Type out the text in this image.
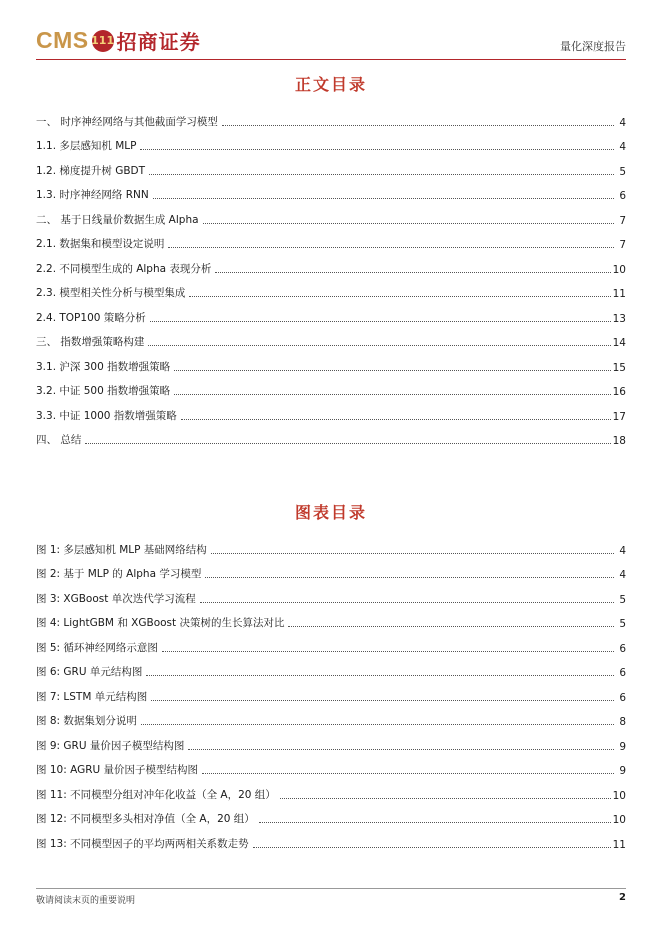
CMS 111 招商证券	量化深度报告
正文目录
一、 时序神经网络与其他截面学习模型	4
1.1. 多层感知机 MLP	4
1.2. 梯度提升树 GBDT	5
1.3. 时序神经网络 RNN	6
二、 基于日线量价数据生成 Alpha	7
2.1. 数据集和模型设定说明	7
2.2. 不同模型生成的 Alpha 表现分析	10
2.3. 模型相关性分析与模型集成	11
2.4. TOP100 策略分析	13
三、 指数增强策略构建	14
3.1. 沪深 300 指数增强策略	15
3.2. 中证 500 指数增强策略	16
3.3. 中证 1000 指数增强策略	17
四、 总结	18
图表目录
图 1: 多层感知机 MLP 基础网络结构	4
图 2: 基于 MLP 的 Alpha 学习模型	4
图 3: XGBoost 单次迭代学习流程	5
图 4: LightGBM 和 XGBoost 决策树的生长算法对比	5
图 5: 循环神经网络示意图	6
图 6: GRU 单元结构图	6
图 7: LSTM 单元结构图	6
图 8: 数据集划分说明	8
图 9: GRU 量价因子模型结构图	9
图 10: AGRU 量价因子模型结构图	9
图 11: 不同模型分组对冲年化收益（全 A，20 组）	10
图 12: 不同模型多头相对净值（全 A，20 组）	10
图 13: 不同模型因子的平均两两相关系数走势	11
敬请阅读末页的重要说明	2
